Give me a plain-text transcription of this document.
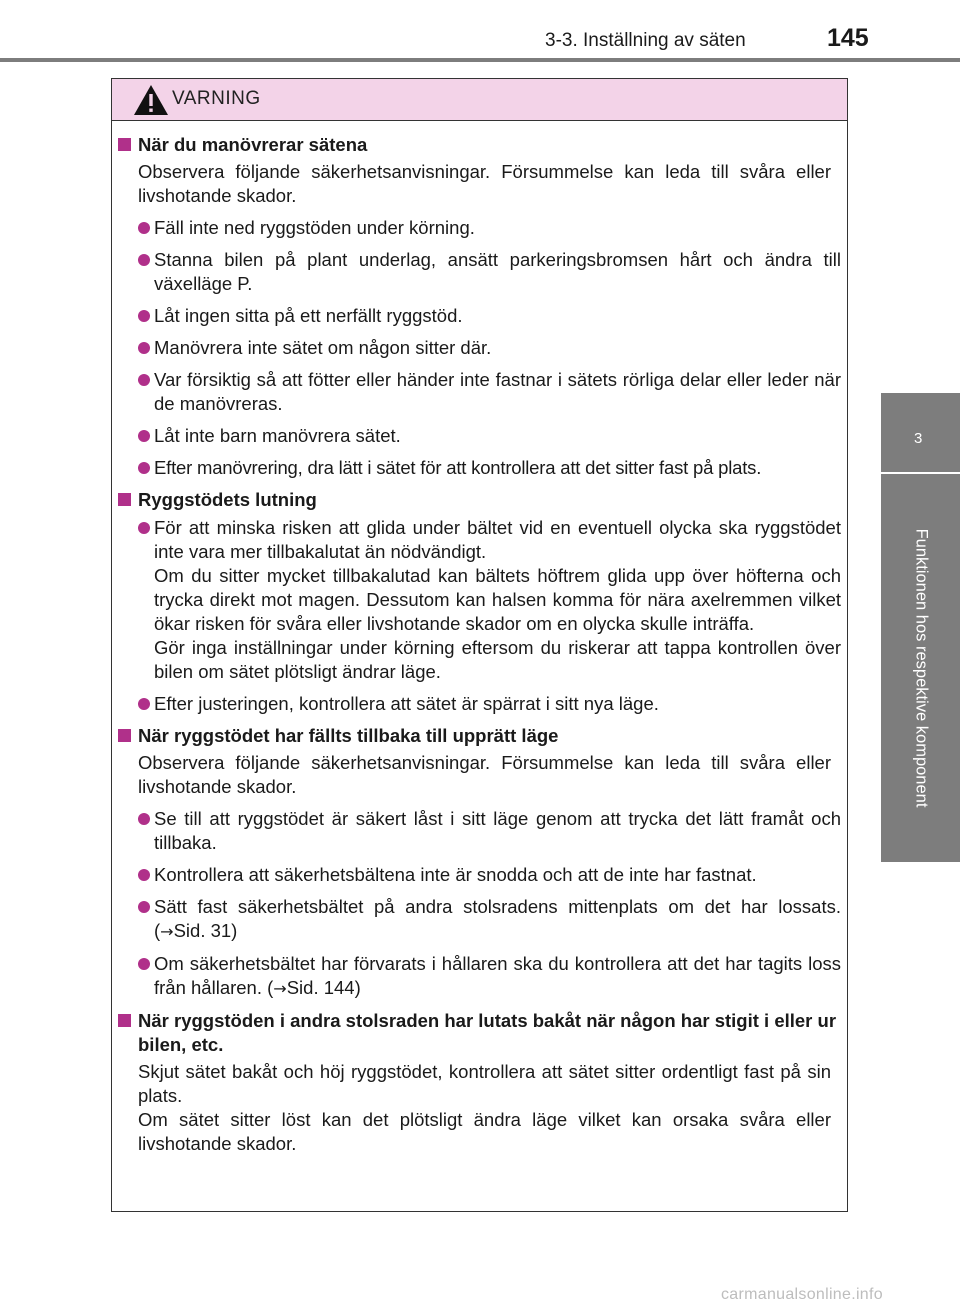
3-3. Inställning av säten	145
3
Funktionen hos respektive komponent
VARNING
När du manövrerar sätena
Observera följande säkerhetsanvisningar. Försummelse kan leda till svåra eller livshotande skador.
Fäll inte ned ryggstöden under körning.
Stanna bilen på plant underlag, ansätt parkeringsbromsen hårt och ändra till växelläge P.
Låt ingen sitta på ett nerfällt ryggstöd.
Manövrera inte sätet om någon sitter där.
Var försiktig så att fötter eller händer inte fastnar i sätets rörliga delar eller leder när de manövreras.
Låt inte barn manövrera sätet.
Efter manövrering, dra lätt i sätet för att kontrollera att det sitter fast på plats.
Ryggstödets lutning
För att minska risken att glida under bältet vid en eventuell olycka ska ryggstödet inte vara mer tillbakalutat än nödvändigt.
Om du sitter mycket tillbakalutad kan bältets höftrem glida upp över höfterna och trycka direkt mot magen. Dessutom kan halsen komma för nära axelremmen vilket ökar risken för svåra eller livshotande skador om en olycka skulle inträffa.
Gör inga inställningar under körning eftersom du riskerar att tappa kontrollen över bilen om sätet plötsligt ändrar läge.
Efter justeringen, kontrollera att sätet är spärrat i sitt nya läge.
När ryggstödet har fällts tillbaka till upprätt läge
Observera följande säkerhetsanvisningar. Försummelse kan leda till svåra eller livshotande skador.
Se till att ryggstödet är säkert låst i sitt läge genom att trycka det lätt framåt och tillbaka.
Kontrollera att säkerhetsbältena inte är snodda och att de inte har fastnat.
Sätt fast säkerhetsbältet på andra stolsradens mittenplats om det har lossats. (→Sid. 31)
Om säkerhetsbältet har förvarats i hållaren ska du kontrollera att det har tagits loss från hållaren. (→Sid. 144)
När ryggstöden i andra stolsraden har lutats bakåt när någon har stigit i eller ur bilen, etc.
Skjut sätet bakåt och höj ryggstödet, kontrollera att sätet sitter ordentligt fast på sin plats.
Om sätet sitter löst kan det plötsligt ändra läge vilket kan orsaka svåra eller livshotande skador.
carmanualsonline.info
